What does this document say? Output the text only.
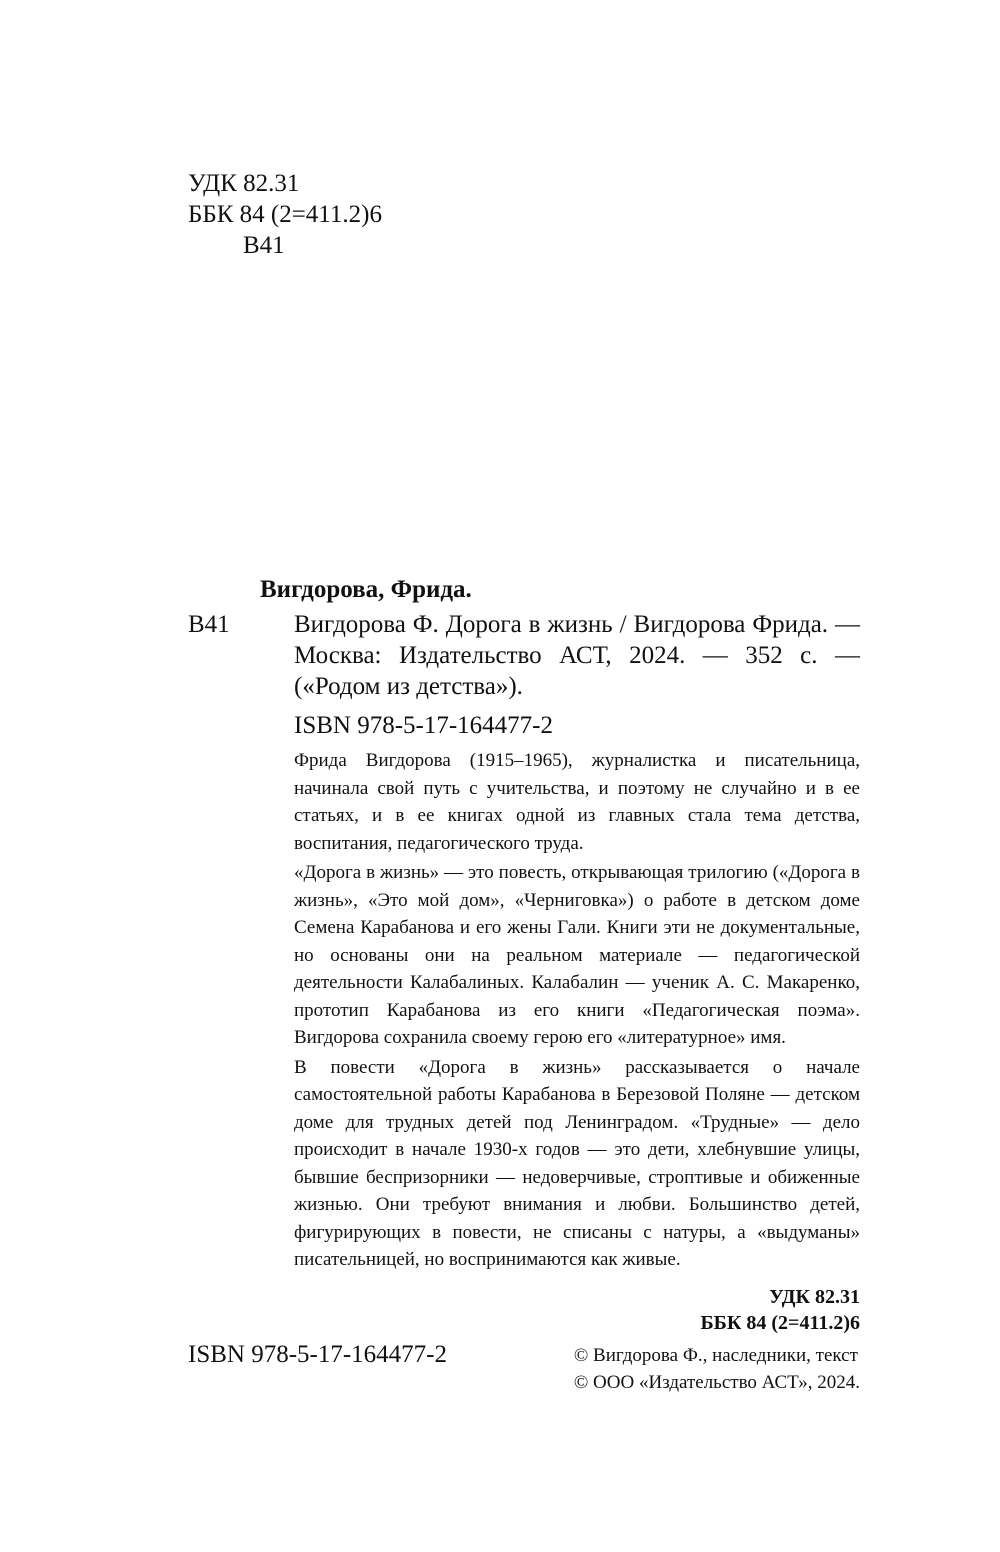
УДК 82.31
ББК 84 (2=411.2)6
В41
Вигдорова, Фрида.
В41	Вигдорова Ф. Дорога в жизнь / Вигдорова Фрида. — Москва: Издательство АСТ, 2024. — 352 с. — («Родом из детства»).
ISBN 978-5-17-164477-2

Фрида Вигдорова (1915–1965), журналистка и писательница, начинала свой путь с учительства, и поэтому не случайно и в ее статьях, и в ее книгах одной из главных стала тема детства, воспитания, педагогического труда.

«Дорога в жизнь» — это повесть, открывающая трилогию («Дорога в жизнь», «Это мой дом», «Черниговка») о работе в детском доме Семена Карабанова и его жены Гали. Книги эти не документальные, но основаны они на реальном материале — педагогической деятельности Калабалиных. Калабалин — ученик А. С. Макаренко, прототип Карабанова из его книги «Педагогическая поэма». Вигдорова сохранила своему герою его «литературное» имя.

В повести «Дорога в жизнь» рассказывается о начале самостоятельной работы Карабанова в Березовой Поляне — детском доме для трудных детей под Ленинградом. «Трудные» — дело происходит в начале 1930-х годов — это дети, хлебнувшие улицы, бывшие беспризорники — недоверчивые, строптивые и обиженные жизнью. Они требуют внимания и любви. Большинство детей, фигурирующих в повести, не списаны с натуры, а «выдуманы» писательницей, но воспринимаются как живые.

УДК 82.31
ББК 84 (2=411.2)6
ISBN 978-5-17-164477-2	© Вигдорова Ф., наследники, текст
© ООО «Издательство АСТ», 2024.
